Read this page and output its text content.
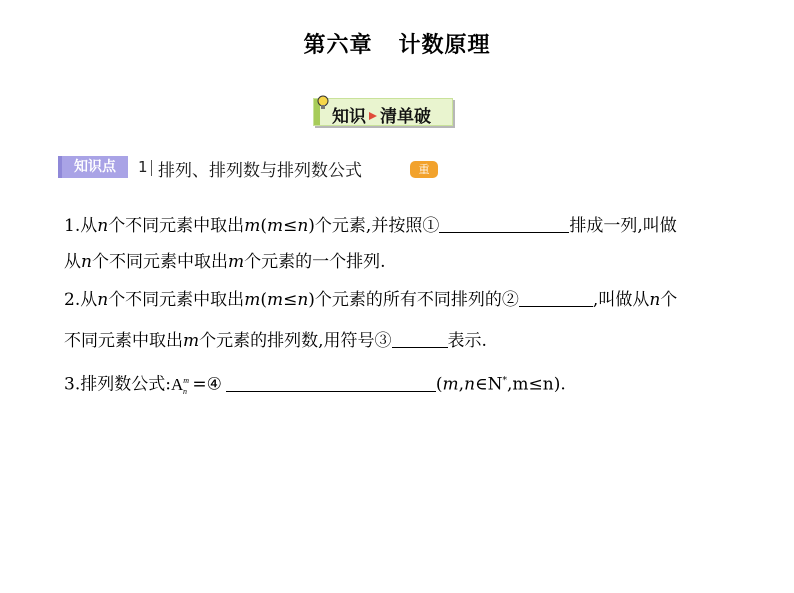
第六章 计数原理
知识 清单破
知识点	1 排列、排列数与排列数公式	重
1.从n个不同元素中取出m(m≤n)个元素,并按照①	排成一列,叫做
从n个不同元素中取出m个元素的一个排列.
2.从n个不同元素中取出m(m≤n)个元素的所有不同排列的②	,叫做从n个
不同元素中取出m个元素的排列数,用符号③	表示.
3.排列数公式$:A^m_n$ =④	(m,n∈N*,m≤n).
